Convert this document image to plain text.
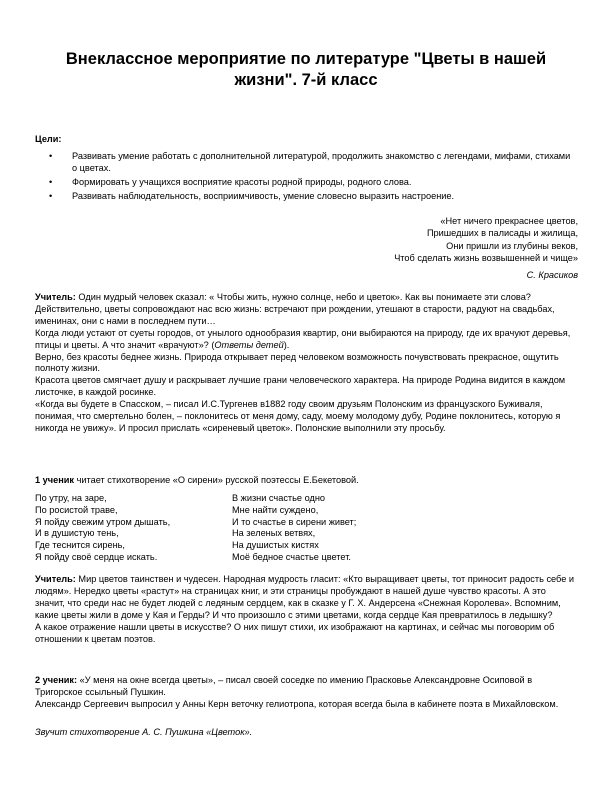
Внеклассное мероприятие по литературе "Цветы в нашей жизни". 7-й класс
Цели:
• Развивать умение работать с дополнительной литературой, продолжить знакомство с легендами, мифами, стихами о цветах.
• Формировать у учащихся восприятие красоты родной природы, родного слова.
• Развивать наблюдательность, восприимчивость, умение словесно выразить настроение.
«Нет ничего прекраснее цветов,
Пришедших в палисады и жилища,
Они пришли из глубины веков,
Чтоб сделать жизнь возвышенней и чище»
С. Красиков

Учитель: Один мудрый человек сказал: « Чтобы жить, нужно солнце, небо и цветок». Как вы понимаете эти слова?

Действительно, цветы сопровождают нас всю жизнь: встречают при рождении, утешают в старости, радуют на свадьбах, именинах, они с нами в последнем пути…

Когда люди устают от суеты городов, от унылого однообразия квартир, они выбираются на природу, где их врачуют деревья, птицы и цветы. А что значит «врачуют»? (Ответы детей).

Верно, без красоты беднее жизнь. Природа открывает перед человеком возможность почувствовать прекрасное, ощутить полноту жизни.

Красота цветов смягчает душу и раскрывает лучшие грани человеческого характера. На природе Родина видится в каждом листочке, в каждой росинке.

«Когда вы будете в Спасском, – писал И.С.Тургенев в1882 году своим друзьям Полонским из французского Буживаля, понимая, что смертельно болен, – поклонитесь от меня дому, саду, моему молодому дубу, Родине поклонитесь, которую я никогда не увижу». И просил прислать «сиреневый цветок». Полонские выполнили эту просьбу.

1 ученик читает стихотворение «О сирени» русской поэтессы Е.Бекетовой.

По утру, на заре,	В жизни счастье одно
По росистой траве,	Мне найти суждено,
Я пойду свежим утром дышать,	И то счастье в сирени живет;
И в душистую тень,	На зеленых ветвях,
Где теснится сирень,	На душистых кистях
Я пойду своё сердце искать.	Моё бедное счастье цветет.

Учитель: Мир цветов таинствен и чудесен. Народная мудрость гласит: «Кто выращивает цветы, тот приносит радость себе и людям». Нередко цветы «растут» на страницах книг, и эти страницы пробуждают в нашей душе чувство красоты. А это значит, что среди нас не будет людей с ледяным сердцем, как в сказке у Г. Х. Андерсена «Снежная Королева». Вспомним, какие цветы жили в доме у Кая и Герды? И что произошло с этими цветами, когда сердце Кая превратилось в ледышку?

А какое отражение нашли цветы в искусстве? О них пишут стихи, их изображают на картинах, и сейчас мы поговорим об отношении к цветам поэтов.

2 ученик: «У меня на окне всегда цветы», – писал своей соседке по имению Прасковье Александровне Осиповой в Тригорское ссыльный Пушкин.

Александр Сергеевич выпросил у Анны Керн веточку гелиотропа, которая всегда была в кабинете поэта в Михайловском.

Звучит стихотворение А. С. Пушкина «Цветок».
